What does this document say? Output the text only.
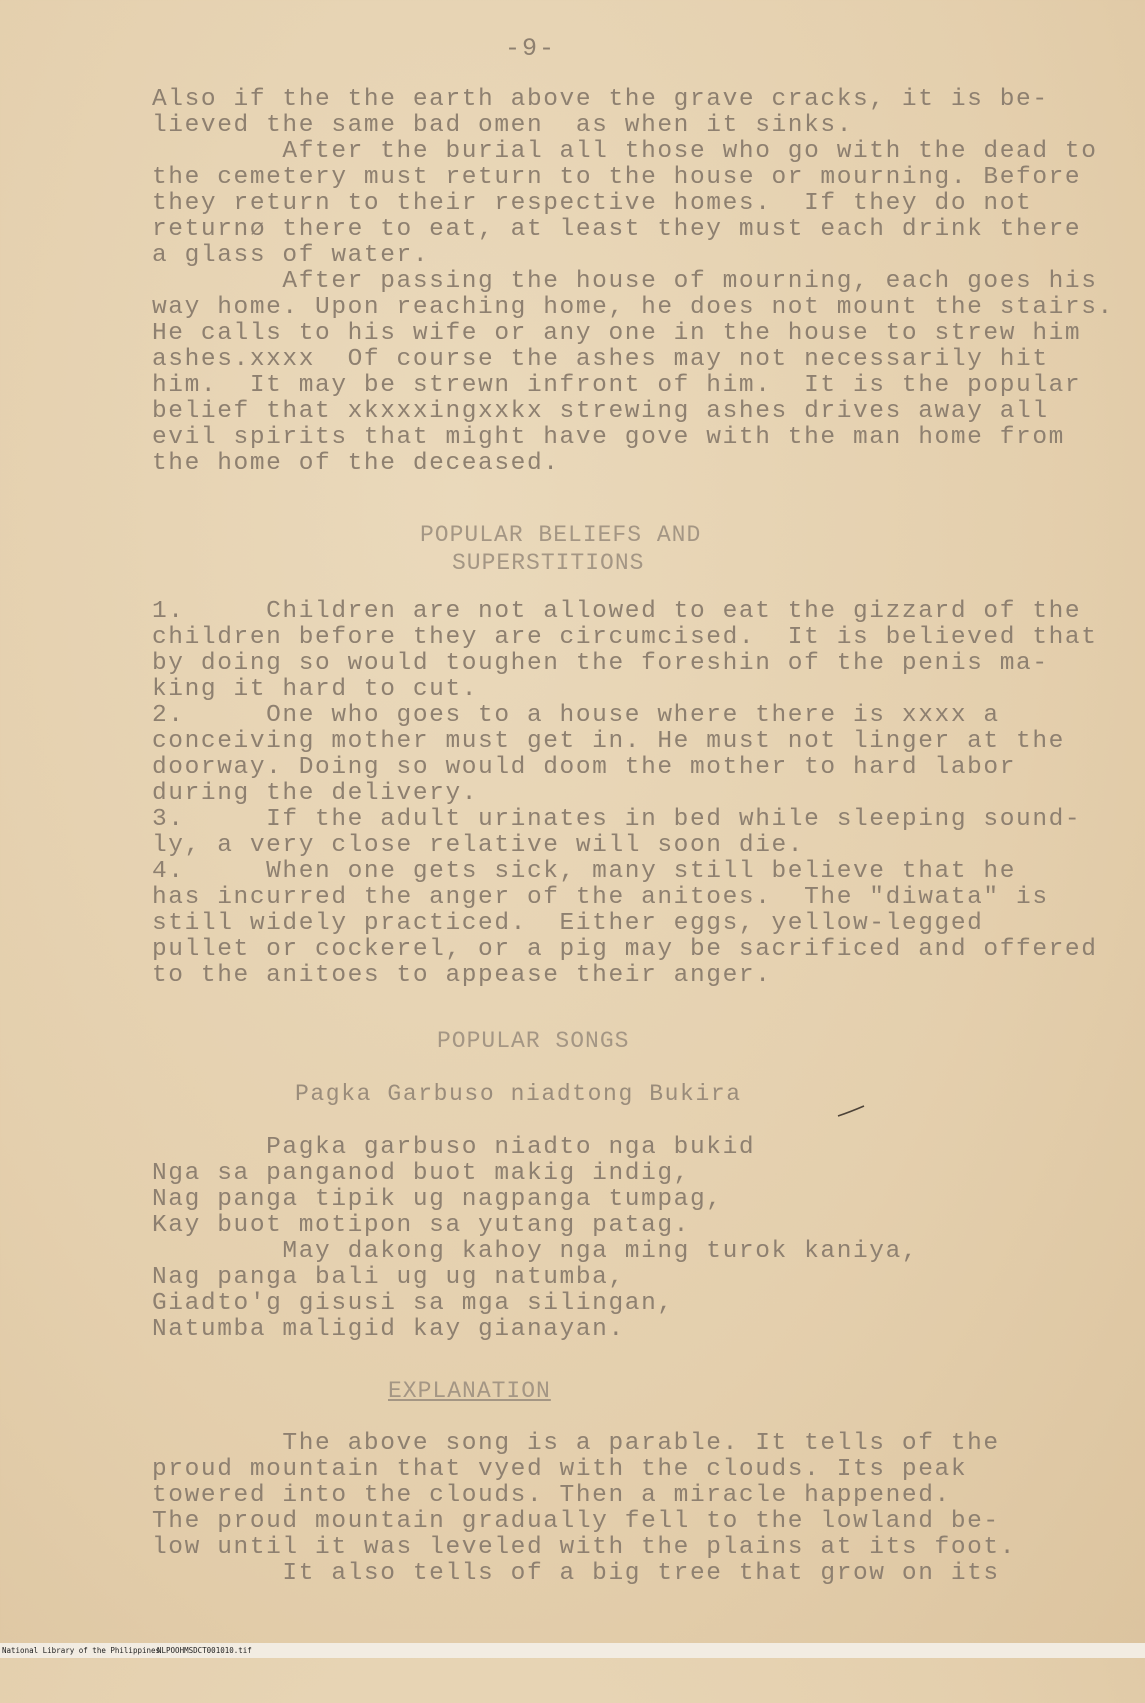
-9-
Also if the the earth above the grave cracks, it is be-
lieved the same bad omen  as when it sinks.
After the burial all those who go with the dead to
the cemetery must return to the house or mourning. Before
they return to their respective homes.  If they do not
returnø there to eat, at least they must each drink there
a glass of water.
After passing the house of mourning, each goes his
way home. Upon reaching home, he does not mount the stairs.
He calls to his wife or any one in the house to strew him
ashes.xxxx  Of course the ashes may not necessarily hit
him.  It may be strewn infront of him.  It is the popular
belief that xkxxxingxxkx strewing ashes drives away all
evil spirits that might have gove with the man home from
the home of the deceased.
POPULAR BELIEFS AND
SUPERSTITIONS
1.     Children are not allowed to eat the gizzard of the
children before they are circumcised.  It is believed that
by doing so would toughen the foreshin of the penis ma-
king it hard to cut.
2.     One who goes to a house where there is xxxx a
conceiving mother must get in. He must not linger at the
doorway. Doing so would doom the mother to hard labor
during the delivery.
3.     If the adult urinates in bed while sleeping sound-
ly, a very close relative will soon die.
4.     When one gets sick, many still believe that he
has incurred the anger of the anitoes.  The "diwata" is
still widely practiced.  Either eggs, yellow-legged
pullet or cockerel, or a pig may be sacrificed and offered
to the anitoes to appease their anger.
POPULAR SONGS
Pagka Garbuso niadtong Bukira
Pagka garbuso niadto nga bukid
Nga sa panganod buot makig indig,
Nag panga tipik ug nagpanga tumpag,
Kay buot motipon sa yutang patag.
May dakong kahoy nga ming turok kaniya,
Nag panga bali ug ug natumba,
Giadto'g gisusi sa mga silingan,
Natumba maligid kay gianayan.
EXPLANATION
The above song is a parable. It tells of the
proud mountain that vyed with the clouds. Its peak
towered into the clouds. Then a miracle happened.
The proud mountain gradually fell to the lowland be-
low until it was leveled with the plains at its foot.
It also tells of a big tree that grow on its

National Library of the Philippines

NLPOOHMSDCT001010.tif
